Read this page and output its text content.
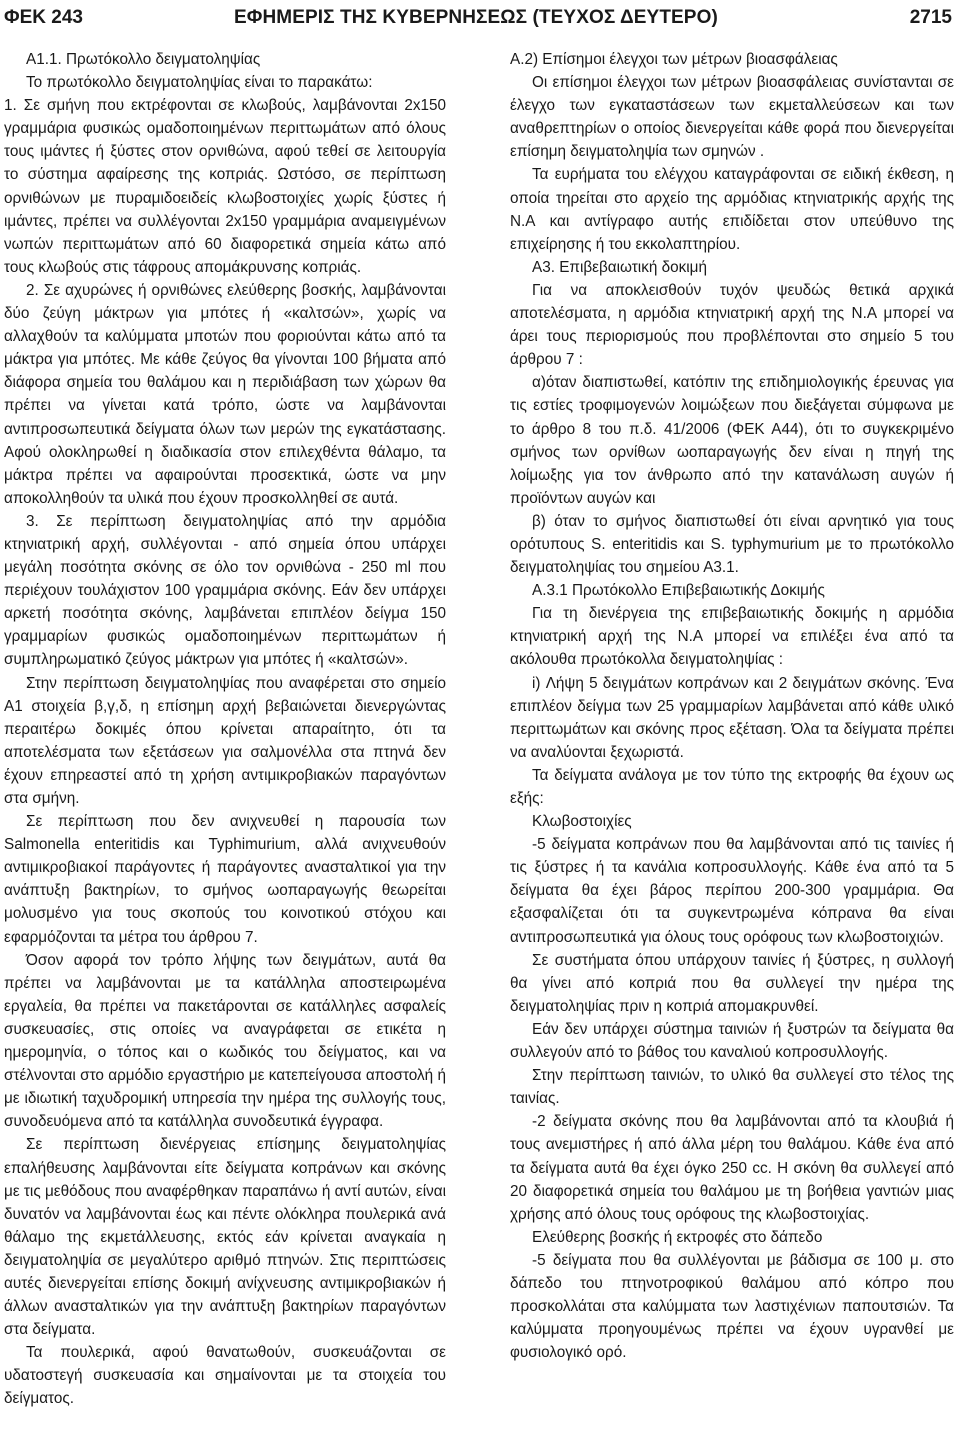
ΦΕΚ 243	ΕΦΗΜΕΡΙΣ ΤΗΣ ΚΥΒΕΡΝΗΣΕΩΣ (ΤΕΥΧΟΣ ΔΕΥΤΕΡΟ)	2715

Α1.1. Πρωτόκολλο δειγματοληψίας

Το πρωτόκολλο δειγματοληψίας είναι το παρακάτω:

1. Σε σμήνη που εκτρέφονται σε κλωβούς, λαμβάνονται 2x150 γραμμάρια φυσικώς ομαδοποιημένων περιττωμάτων από όλους τους ιμάντες ή ξύστες στον ορνιθώνα, αφού τεθεί σε λειτουργία το σύστημα αφαίρεσης της κοπριάς. Ωστόσο, σε περίπτωση ορνιθώνων με πυραμιδοειδείς κλωβοστοιχίες χωρίς ξύστες ή ιμάντες, πρέπει να συλλέγονται 2x150 γραμμάρια αναμειγμένων νωπών περιττωμάτων από 60 διαφορετικά σημεία κάτω από τους κλωβούς στις τάφρους απομάκρυνσης κοπριάς.

2. Σε αχυρώνες ή ορνιθώνες ελεύθερης βοσκής, λαμβάνονται δύο ζεύγη μάκτρων για μπότες ή «καλτσών», χωρίς να αλλαχθούν τα καλύμματα μποτών που φοριούνται κάτω από τα μάκτρα για μπότες. Με κάθε ζεύγος θα γίνονται 100 βήματα από διάφορα σημεία του θαλάμου και η περιδιάβαση των χώρων θα πρέπει να γίνεται κατά τρόπο, ώστε να λαμβάνονται αντιπροσωπευτικά δείγματα όλων των μερών της εγκατάστασης. Αφού ολοκληρωθεί η διαδικασία στον επιλεχθέντα θάλαμο, τα μάκτρα πρέπει να αφαιρούνται προσεκτικά, ώστε να μην αποκολληθούν τα υλικά που έχουν προσκολληθεί σε αυτά.

3. Σε περίπτωση δειγματοληψίας από την αρμόδια κτηνιατρική αρχή, συλλέγονται - από σημεία όπου υπάρχει μεγάλη ποσότητα σκόνης σε όλο τον ορνιθώνα - 250 ml που περιέχουν τουλάχιστον 100 γραμμάρια σκόνης. Εάν δεν υπάρχει αρκετή ποσότητα σκόνης, λαμβάνεται επιπλέον δείγμα 150 γραμμαρίων φυσικώς ομαδοποιημένων περιττωμάτων ή συμπληρωματικό ζεύγος μάκτρων για μπότες ή «καλτσών».

Στην περίπτωση δειγματοληψίας που αναφέρεται στο σημείο Α1 στοιχεία β,γ,δ, η επίσημη αρχή βεβαιώνεται διενεργώντας περαιτέρω δοκιμές όπου κρίνεται απαραίτητο, ότι τα αποτελέσματα των εξετάσεων για σαλμονέλλα στα πτηνά δεν έχουν επηρεαστεί από τη χρήση αντιμικροβιακών παραγόντων στα σμήνη.

Σε περίπτωση που δεν ανιχνευθεί η παρουσία των Salmonella enteritidis και Typhimurium, αλλά ανιχνευθούν αντιμικροβιακοί παράγοντες ή παράγοντες ανασταλτικοί για την ανάπτυξη βακτηρίων, το σμήνος ωοπαραγωγής θεωρείται μολυσμένο για τους σκοπούς του κοινοτικού στόχου και εφαρμόζονται τα μέτρα του άρθρου 7.

Όσον αφορά τον τρόπο λήψης των δειγμάτων, αυτά θα πρέπει να λαμβάνονται με τα κατάλληλα αποστειρωμένα εργαλεία, θα πρέπει να πακετάρονται σε κατάλληλες ασφαλείς συσκευασίες, στις οποίες να αναγράφεται σε ετικέτα η ημερομηνία, ο τόπος και ο κωδικός του δείγματος, και να στέλνονται στο αρμόδιο εργαστήριο με κατεπείγουσα αποστολή ή με ιδιωτική ταχυδρομική υπηρεσία την ημέρα της συλλογής τους, συνοδευόμενα από τα κατάλληλα συνοδευτικά έγγραφα.

Σε περίπτωση διενέργειας επίσημης δειγματοληψίας επαλήθευσης λαμβάνονται είτε δείγματα κοπράνων και σκόνης με τις μεθόδους που αναφέρθηκαν παραπάνω ή αντί αυτών, είναι δυνατόν να λαμβάνονται έως και πέντε ολόκληρα πουλερικά ανά θάλαμο της εκμετάλλευσης, εκτός εάν κρίνεται αναγκαία η δειγματοληψία σε μεγαλύτερο αριθμό πτηνών. Στις περιπτώσεις αυτές διενεργείται επίσης δοκιμή ανίχνευσης αντιμικροβιακών ή άλλων ανασταλτικών για την ανάπτυξη βακτηρίων παραγόντων στα δείγματα.

Τα πουλερικά, αφού θανατωθούν, συσκευάζονται σε υδατοστεγή συσκευασία και σημαίνονται με τα στοιχεία του δείγματος.

Α.2) Επίσημοι έλεγχοι των μέτρων βιοασφάλειας

Οι επίσημοι έλεγχοι των μέτρων βιοασφάλειας συνίστανται σε έλεγχο των εγκαταστάσεων των εκμεταλλεύσεων και των αναθρεπτηρίων ο οποίος διενεργείται κάθε φορά που διενεργείται επίσημη δειγματοληψία των σμηνών .

Τα ευρήματα του ελέγχου καταγράφονται σε ειδική έκθεση, η οποία τηρείται στο αρχείο της αρμόδιας κτηνιατρικής αρχής της Ν.Α και αντίγραφο αυτής επιδίδεται στον υπεύθυνο της επιχείρησης ή του εκκολαπτηρίου.

Α3. Επιβεβαιωτική δοκιμή

Για να αποκλεισθούν τυχόν ψευδώς θετικά αρχικά αποτελέσματα, η αρμόδια κτηνιατρική αρχή της Ν.Α μπορεί να άρει τους περιορισμούς που προβλέπονται στο σημείο 5 του άρθρου 7 :

α)όταν διαπιστωθεί, κατόπιν της επιδημιολογικής έρευνας για τις εστίες τροφιμογενών λοιμώξεων που διεξάγεται σύμφωνα με το άρθρο 8 του π.δ. 41/2006 (ΦΕΚ Α44), ότι το συγκεκριμένο σμήνος των ορνίθων ωοπαραγωγής δεν είναι η πηγή της λοίμωξης για τον άνθρωπο από την κατανάλωση αυγών ή προϊόντων αυγών και

β) όταν το σμήνος διαπιστωθεί ότι είναι αρνητικό για τους ορότυπους S. enteritidis και S. typhymurium με το πρωτόκολλο δειγματοληψίας του σημείου Α3.1.

Α.3.1 Πρωτόκολλο Επιβεβαιωτικής Δοκιμής

Για τη διενέργεια της επιβεβαιωτικής δοκιμής η αρμόδια κτηνιατρική αρχή της Ν.Α μπορεί να επιλέξει ένα από τα ακόλουθα πρωτόκολλα δειγματοληψίας :

i) Λήψη 5 δειγμάτων κοπράνων και 2 δειγμάτων σκόνης. Ένα επιπλέον δείγμα των 25 γραμμαρίων λαμβάνεται από κάθε υλικό περιττωμάτων και σκόνης προς εξέταση. Όλα τα δείγματα πρέπει να αναλύονται ξεχωριστά.

Τα δείγματα ανάλογα με τον τύπο της εκτροφής θα έχουν ως εξής:

Κλωβοστοιχίες

-5 δείγματα κοπράνων που θα λαμβάνονται από τις ταινίες ή τις ξύστρες ή τα κανάλια κοπροσυλλογής. Κάθε ένα από τα 5 δείγματα θα έχει βάρος περίπου 200-300 γραμμάρια. Θα εξασφαλίζεται ότι τα συγκεντρωμένα κόπρανα θα είναι αντιπροσωπευτικά για όλους τους ορόφους των κλωβοστοιχιών.

Σε συστήματα όπου υπάρχουν ταινίες ή ξύστρες, η συλλογή θα γίνει από κοπριά που θα συλλεγεί την ημέρα της δειγματοληψίας πριν η κοπριά απομακρυνθεί.

Εάν δεν υπάρχει σύστημα ταινιών ή ξυστρών τα δείγματα θα συλλεγούν από το βάθος του καναλιού κοπροσυλλογής.

Στην περίπτωση ταινιών, το υλικό θα συλλεγεί στο τέλος της ταινίας.

-2 δείγματα σκόνης που θα λαμβάνονται από τα κλουβιά ή τους ανεμιστήρες ή από άλλα μέρη του θαλάμου. Κάθε ένα από τα δείγματα αυτά θα έχει όγκο 250 cc. Η σκόνη θα συλλεγεί από 20 διαφορετικά σημεία του θαλάμου με τη βοήθεια γαντιών μιας χρήσης από όλους τους ορόφους της κλωβοστοιχίας.

Ελεύθερης βοσκής ή εκτροφές στο δάπεδο

-5 δείγματα που θα συλλέγονται με βάδισμα σε 100 μ. στο δάπεδο του πτηνοτροφικού θαλάμου από κόπρο που προσκολλάται στα καλύμματα των λαστιχένιων παπουτσιών. Τα καλύμματα προηγουμένως πρέπει να έχουν υγρανθεί με φυσιολογικό ορό.
